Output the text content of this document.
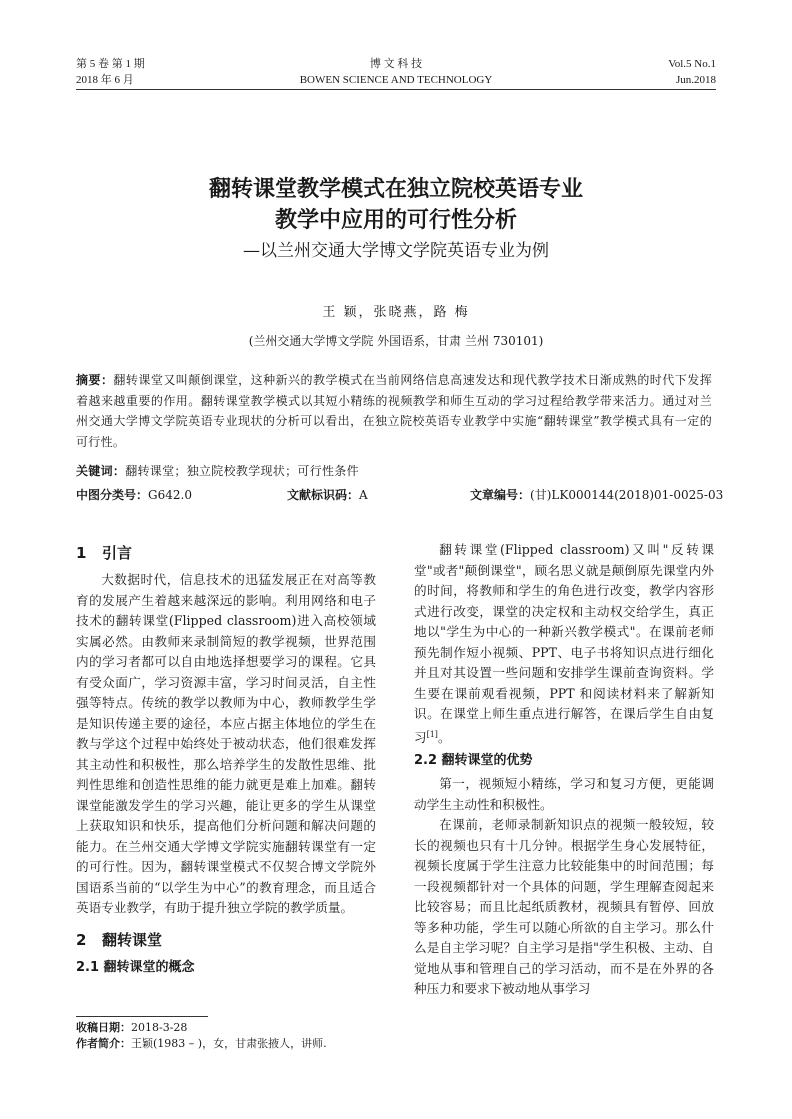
第 5 卷 第 1 期
2018 年 6 月
博 文 科 技
BOWEN SCIENCE AND TECHNOLOGY
Vol.5 No.1
Jun.2018
翻转课堂教学模式在独立院校英语专业
教学中应用的可行性分析
—以兰州交通大学博文学院英语专业为例
王 颖，张晓燕，路 梅
(兰州交通大学博文学院 外国语系，甘肃 兰州 730101)
摘要：翻转课堂又叫颠倒课堂，这种新兴的教学模式在当前网络信息高速发达和现代教学技术日渐成熟的时代下发挥着越来越重要的作用。翻转课堂教学模式以其短小精练的视频教学和师生互动的学习过程给教学带来活力。通过对兰州交通大学博文学院英语专业现状的分析可以看出，在独立院校英语专业教学中实施“翻转课堂”教学模式具有一定的可行性。
关键词：翻转课堂；独立院校教学现状；可行性条件
中图分类号：G642.0	文献标识码：A	文章编号：(甘)LK000144(2018)01-0025-03
1 引言

大数据时代，信息技术的迅猛发展正在对高等教育的发展产生着越来越深远的影响。利用网络和电子技术的翻转课堂(Flipped classroom)进入高校领域实属必然。由教师来录制简短的教学视频，世界范围内的学习者都可以自由地选择想要学习的课程。它具有受众面广，学习资源丰富，学习时间灵活，自主性强等特点。传统的教学以教师为中心，教师教学生学是知识传递主要的途径，本应占据主体地位的学生在教与学这个过程中始终处于被动状态，他们很难发挥其主动性和积极性，那么培养学生的发散性思维、批判性思维和创造性思维的能力就更是难上加难。翻转课堂能激发学生的学习兴趣，能让更多的学生从课堂上获取知识和快乐，提高他们分析问题和解决问题的能力。在兰州交通大学博文学院实施翻转课堂有一定的可行性。因为，翻转课堂模式不仅契合博文学院外国语系当前的“以学生为中心”的教育理念，而且适合英语专业教学，有助于提升独立学院的教学质量。

2 翻转课堂
2.1 翻转课堂的概念

翻转课堂(Flipped classroom)又叫"反转课堂"或者"颠倒课堂"，顾名思义就是颠倒原先课堂内外的时间，将教师和学生的角色进行改变，教学内容形式进行改变，课堂的决定权和主动权交给学生，真正地以"学生为中心的一种新兴教学模式"。在课前老师预先制作短小视频、PPT、电子书将知识点进行细化并且对其设置一些问题和安排学生课前查询资料。学生要在课前观看视频，PPT 和阅读材料来了解新知识。在课堂上师生重点进行解答，在课后学生自由复习[1]。

2.2 翻转课堂的优势

第一，视频短小精练，学习和复习方便，更能调动学生主动性和积极性。

在课前，老师录制新知识点的视频一般较短，较长的视频也只有十几分钟。根据学生身心发展特征，视频长度属于学生注意力比较能集中的时间范围；每一段视频都针对一个具体的问题，学生理解查阅起来比较容易；而且比起纸质教材，视频具有暂停、回放等多种功能，学生可以随心所欲的自主学习。那么什么是自主学习呢？自主学习是指"学生积极、主动、自觉地从事和管理自己的学习活动，而不是在外界的各种压力和要求下被动地从事学习

收稿日期：2018-3-28
作者简介：王颖(1983 – )，女，甘肃张掖人，讲师.
